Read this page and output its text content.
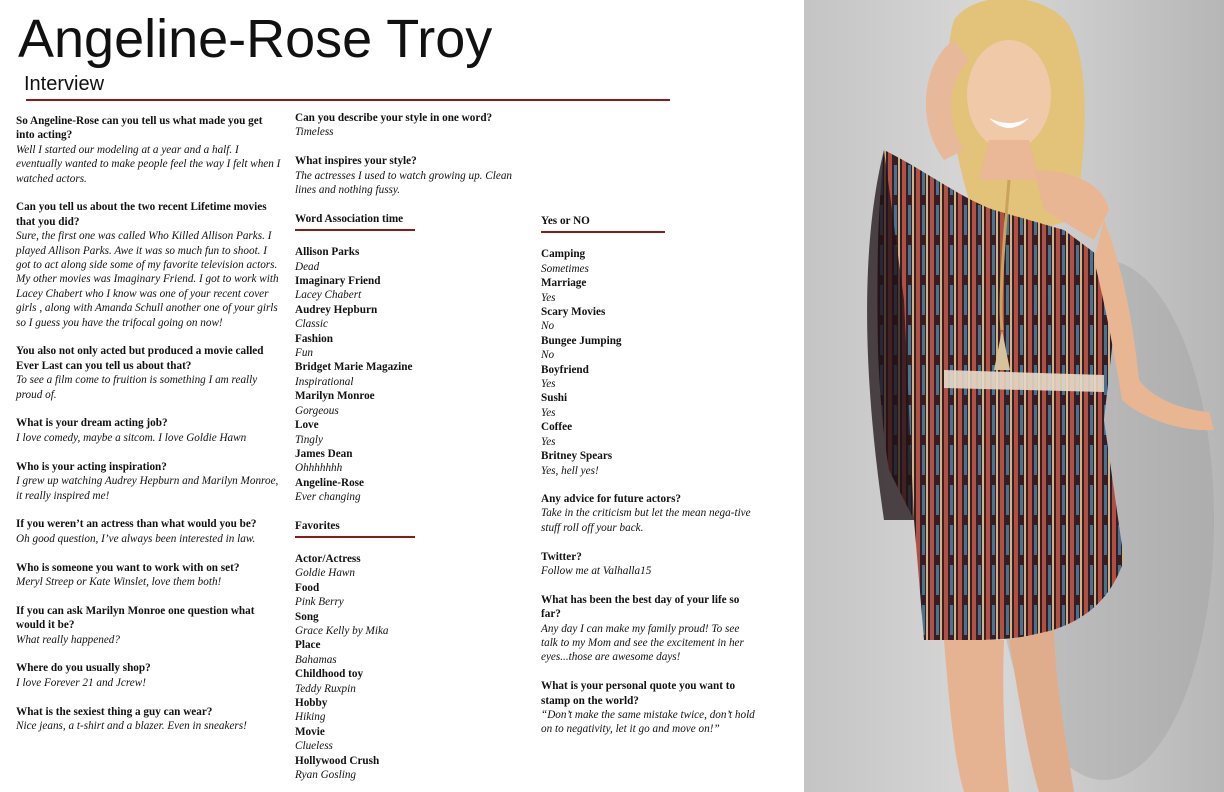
Angeline-Rose Troy
Interview
So Angeline-Rose can you tell us what made you get into acting?
Well I started our modeling at a year and a half. I eventually wanted to make people feel the way I felt when I watched actors.
Can you tell us about the two recent Lifetime movies that you did?
Sure, the first one was called Who Killed Allison Parks. I played Allison Parks. Awe it was so much fun to shoot. I got to act along side some of my favorite television actors. My other movies was Imaginary Friend. I got to work with Lacey Chabert who I know was one of your recent cover girls , along with Amanda Schull another one of your girls so I guess you have the trifocal going on now!
You also not only acted but produced a movie called Ever Last can you tell us about that?
To see a film come to fruition is something I am really proud of.
What is your dream acting job?
I love comedy, maybe a sitcom. I love Goldie Hawn
Who is your acting inspiration?
I grew up watching Audrey Hepburn and Marilyn Monroe, it really inspired me!
If you weren’t an actress than what would you be?
Oh good question, I’ve always been interested in law.
Who is someone you want to work with on set?
Meryl Streep or Kate Winslet, love them both!
If you can ask Marilyn Monroe one question what would it be?
What really happened?
Where do you usually shop?
I love Forever 21 and Jcrew!
What is the sexiest thing a guy can wear?
Nice jeans, a t-shirt and a blazer. Even in sneakers!
Can you describe your style in one word?
Timeless
What inspires your style?
The actresses I used to watch growing up. Clean lines and nothing fussy.
Word Association time
Allison Parks
Dead
Imaginary Friend
Lacey Chabert
Audrey Hepburn
Classic
Fashion
Fun
Bridget Marie Magazine
Inspirational
Marilyn Monroe
Gorgeous
Love
Tingly
James Dean
Ohhhhhhh
Angeline-Rose
Ever changing
Favorites
Actor/Actress
Goldie Hawn
Food
Pink Berry
Song
Grace Kelly by Mika
Place
Bahamas
Childhood toy
Teddy Ruxpin
Hobby
Hiking
Movie
Clueless
Hollywood Crush
Ryan Gosling
Yes or NO
Camping
Sometimes
Marriage
Yes
Scary Movies
No
Bungee Jumping
No
Boyfriend
Yes
Sushi
Yes
Coffee
Yes
Britney Spears
Yes, hell yes!
Any advice for future actors?
Take in the criticism but let the mean nega-tive stuff roll off your back.
Twitter?
Follow me at Valhalla15
What has been the best day of your life so far?
Any day I can make my family proud! To see talk to my Mom and see the excitement in her eyes...those are awesome days!
What is your personal quote you want to stamp on the world?
“Don’t make the same mistake twice, don’t hold on to negativity, let it go and move on!”
